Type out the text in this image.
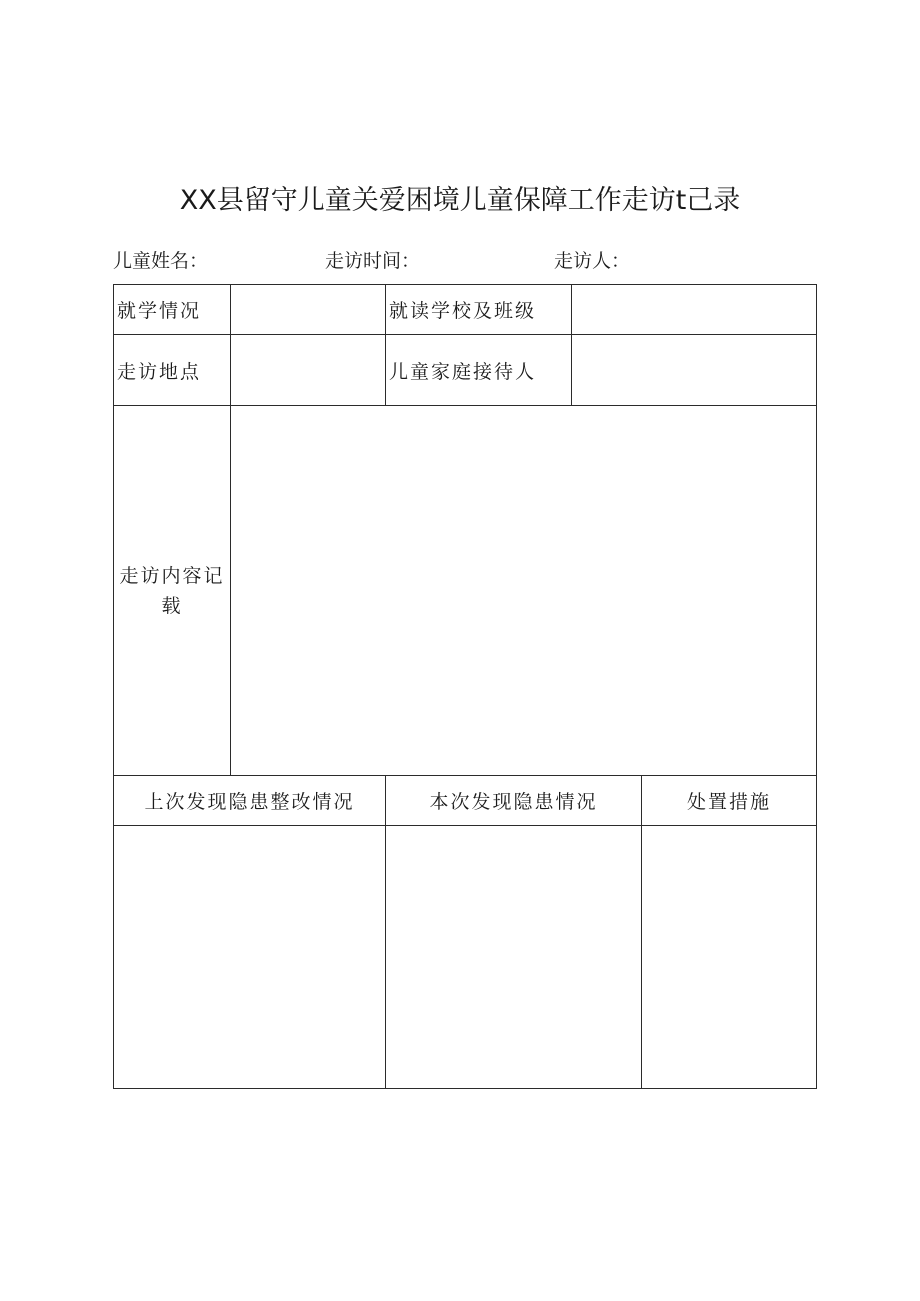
XX县留守儿童关爱困境儿童保障工作走访t己录
儿童姓名：	走访时间：	走访人：
就学情况		就读学校及班级		
走访地点		儿童家庭接待人		
走访内容记载				
上次发现隐患整改情况		本次发现隐患情况		处置措施
